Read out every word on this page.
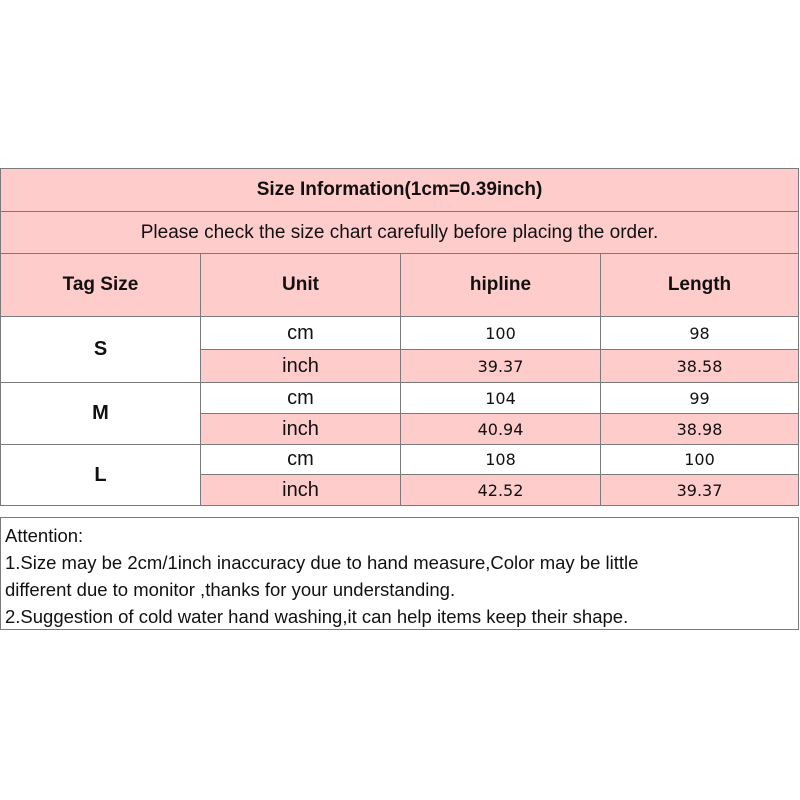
Size Information(1cm=0.39inch)
Please check the size chart carefully before placing the order.
Tag Size	Unit	hipline	Length
S
cm	100	98
inch	39.37	38.58
M
cm	104	99
inch	40.94	38.98
L
cm	108	100
inch	42.52	39.37
Attention:
1.Size may be 2cm/1inch inaccuracy due to hand measure,Color may be little
different due to monitor ,thanks for your understanding.
2.Suggestion of cold water hand washing,it can help items keep their shape.
